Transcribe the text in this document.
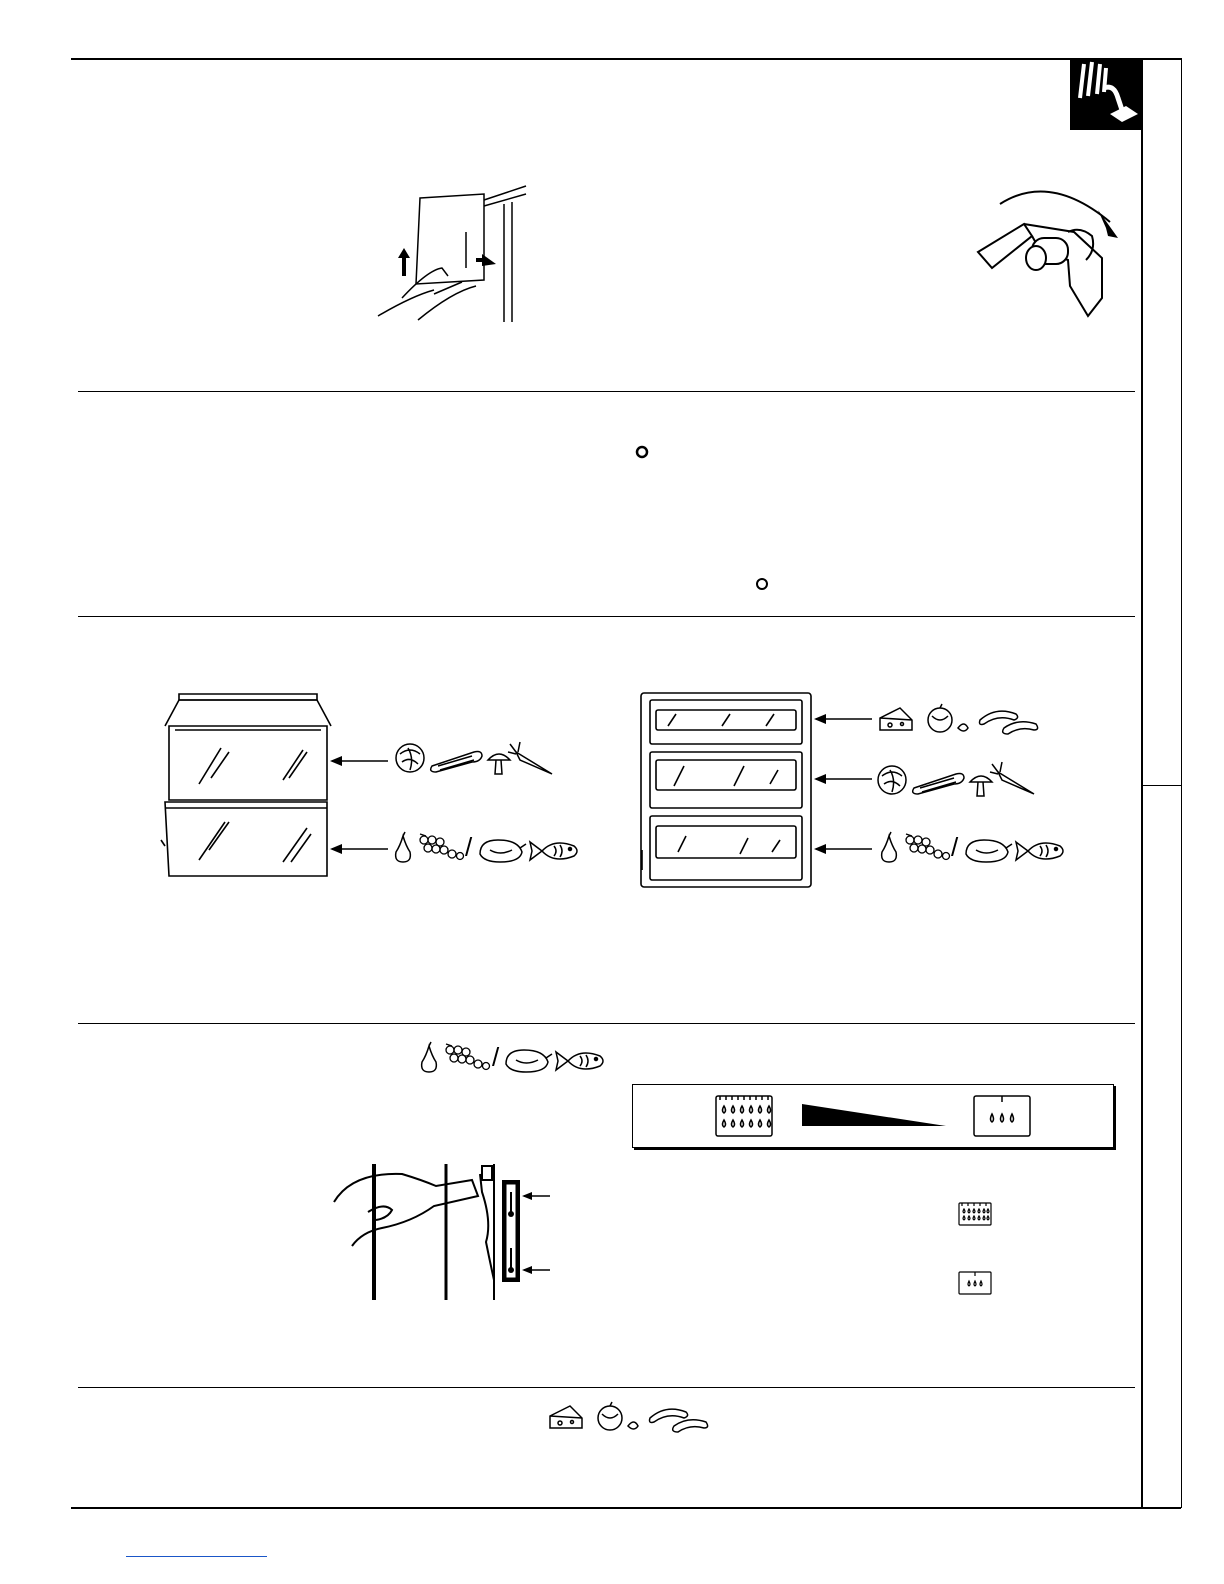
/	/
/
